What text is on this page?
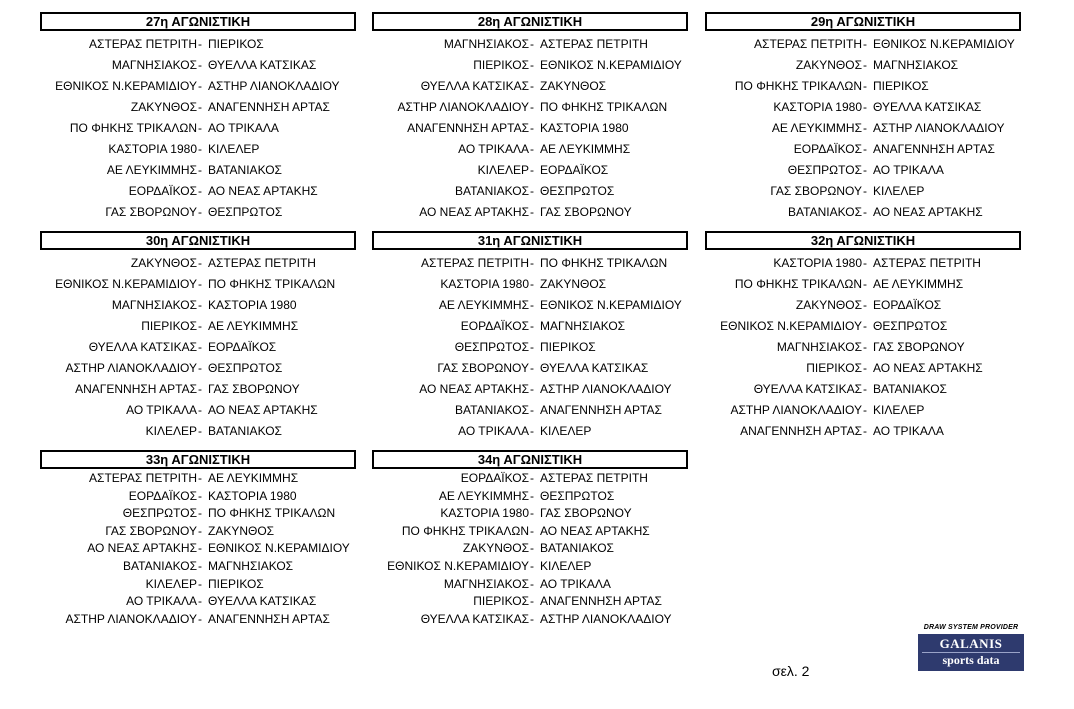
27η ΑΓΩΝΙΣΤΙΚΗ
ΑΣΤΕΡΑΣ ΠΕΤΡΙΤΗ - ΠΙΕΡΙΚΟΣ
ΜΑΓΝΗΣΙΑΚΟΣ - ΘΥΕΛΛΑ ΚΑΤΣΙΚΑΣ
ΕΘΝΙΚΟΣ Ν.ΚΕΡΑΜΙΔΙΟΥ - ΑΣΤΗΡ ΛΙΑΝΟΚΛΑΔΙΟΥ
ΖΑΚΥΝΘΟΣ - ΑΝΑΓΕΝΝΗΣΗ ΑΡΤΑΣ
ΠΟ ΦΗΚΗΣ ΤΡΙΚΑΛΩΝ - ΑΟ ΤΡΙΚΑΛΑ
ΚΑΣΤΟΡΙΑ 1980 - ΚΙΛΕΛΕΡ
ΑΕ ΛΕΥΚΙΜΜΗΣ - ΒΑΤΑΝΙΑΚΟΣ
ΕΟΡΔΑΪΚΟΣ - ΑΟ ΝΕΑΣ ΑΡΤΑΚΗΣ
ΓΑΣ ΣΒΟΡΩΝΟΥ - ΘΕΣΠΡΩΤΟΣ
28η ΑΓΩΝΙΣΤΙΚΗ
ΜΑΓΝΗΣΙΑΚΟΣ - ΑΣΤΕΡΑΣ ΠΕΤΡΙΤΗ
ΠΙΕΡΙΚΟΣ - ΕΘΝΙΚΟΣ Ν.ΚΕΡΑΜΙΔΙΟΥ
ΘΥΕΛΛΑ ΚΑΤΣΙΚΑΣ - ΖΑΚΥΝΘΟΣ
ΑΣΤΗΡ ΛΙΑΝΟΚΛΑΔΙΟΥ - ΠΟ ΦΗΚΗΣ ΤΡΙΚΑΛΩΝ
ΑΝΑΓΕΝΝΗΣΗ ΑΡΤΑΣ - ΚΑΣΤΟΡΙΑ 1980
ΑΟ ΤΡΙΚΑΛΑ - ΑΕ ΛΕΥΚΙΜΜΗΣ
ΚΙΛΕΛΕΡ - ΕΟΡΔΑΪΚΟΣ
ΒΑΤΑΝΙΑΚΟΣ - ΘΕΣΠΡΩΤΟΣ
ΑΟ ΝΕΑΣ ΑΡΤΑΚΗΣ - ΓΑΣ ΣΒΟΡΩΝΟΥ
29η ΑΓΩΝΙΣΤΙΚΗ
ΑΣΤΕΡΑΣ ΠΕΤΡΙΤΗ - ΕΘΝΙΚΟΣ Ν.ΚΕΡΑΜΙΔΙΟΥ
ΖΑΚΥΝΘΟΣ - ΜΑΓΝΗΣΙΑΚΟΣ
ΠΟ ΦΗΚΗΣ ΤΡΙΚΑΛΩΝ - ΠΙΕΡΙΚΟΣ
ΚΑΣΤΟΡΙΑ 1980 - ΘΥΕΛΛΑ ΚΑΤΣΙΚΑΣ
ΑΕ ΛΕΥΚΙΜΜΗΣ - ΑΣΤΗΡ ΛΙΑΝΟΚΛΑΔΙΟΥ
ΕΟΡΔΑΪΚΟΣ - ΑΝΑΓΕΝΝΗΣΗ ΑΡΤΑΣ
ΘΕΣΠΡΩΤΟΣ - ΑΟ ΤΡΙΚΑΛΑ
ΓΑΣ ΣΒΟΡΩΝΟΥ - ΚΙΛΕΛΕΡ
ΒΑΤΑΝΙΑΚΟΣ - ΑΟ ΝΕΑΣ ΑΡΤΑΚΗΣ
30η ΑΓΩΝΙΣΤΙΚΗ
ΖΑΚΥΝΘΟΣ - ΑΣΤΕΡΑΣ ΠΕΤΡΙΤΗ
ΕΘΝΙΚΟΣ Ν.ΚΕΡΑΜΙΔΙΟΥ - ΠΟ ΦΗΚΗΣ ΤΡΙΚΑΛΩΝ
ΜΑΓΝΗΣΙΑΚΟΣ - ΚΑΣΤΟΡΙΑ 1980
ΠΙΕΡΙΚΟΣ - ΑΕ ΛΕΥΚΙΜΜΗΣ
ΘΥΕΛΛΑ ΚΑΤΣΙΚΑΣ - ΕΟΡΔΑΪΚΟΣ
ΑΣΤΗΡ ΛΙΑΝΟΚΛΑΔΙΟΥ - ΘΕΣΠΡΩΤΟΣ
ΑΝΑΓΕΝΝΗΣΗ ΑΡΤΑΣ - ΓΑΣ ΣΒΟΡΩΝΟΥ
ΑΟ ΤΡΙΚΑΛΑ - ΑΟ ΝΕΑΣ ΑΡΤΑΚΗΣ
ΚΙΛΕΛΕΡ - ΒΑΤΑΝΙΑΚΟΣ
31η ΑΓΩΝΙΣΤΙΚΗ
ΑΣΤΕΡΑΣ ΠΕΤΡΙΤΗ - ΠΟ ΦΗΚΗΣ ΤΡΙΚΑΛΩΝ
ΚΑΣΤΟΡΙΑ 1980 - ΖΑΚΥΝΘΟΣ
ΑΕ ΛΕΥΚΙΜΜΗΣ - ΕΘΝΙΚΟΣ Ν.ΚΕΡΑΜΙΔΙΟΥ
ΕΟΡΔΑΪΚΟΣ - ΜΑΓΝΗΣΙΑΚΟΣ
ΘΕΣΠΡΩΤΟΣ - ΠΙΕΡΙΚΟΣ
ΓΑΣ ΣΒΟΡΩΝΟΥ - ΘΥΕΛΛΑ ΚΑΤΣΙΚΑΣ
ΑΟ ΝΕΑΣ ΑΡΤΑΚΗΣ - ΑΣΤΗΡ ΛΙΑΝΟΚΛΑΔΙΟΥ
ΒΑΤΑΝΙΑΚΟΣ - ΑΝΑΓΕΝΝΗΣΗ ΑΡΤΑΣ
ΑΟ ΤΡΙΚΑΛΑ - ΚΙΛΕΛΕΡ
32η ΑΓΩΝΙΣΤΙΚΗ
ΚΑΣΤΟΡΙΑ 1980 - ΑΣΤΕΡΑΣ ΠΕΤΡΙΤΗ
ΠΟ ΦΗΚΗΣ ΤΡΙΚΑΛΩΝ - ΑΕ ΛΕΥΚΙΜΜΗΣ
ΖΑΚΥΝΘΟΣ - ΕΟΡΔΑΪΚΟΣ
ΕΘΝΙΚΟΣ Ν.ΚΕΡΑΜΙΔΙΟΥ - ΘΕΣΠΡΩΤΟΣ
ΜΑΓΝΗΣΙΑΚΟΣ - ΓΑΣ ΣΒΟΡΩΝΟΥ
ΠΙΕΡΙΚΟΣ - ΑΟ ΝΕΑΣ ΑΡΤΑΚΗΣ
ΘΥΕΛΛΑ ΚΑΤΣΙΚΑΣ - ΒΑΤΑΝΙΑΚΟΣ
ΑΣΤΗΡ ΛΙΑΝΟΚΛΑΔΙΟΥ - ΚΙΛΕΛΕΡ
ΑΝΑΓΕΝΝΗΣΗ ΑΡΤΑΣ - ΑΟ ΤΡΙΚΑΛΑ
33η ΑΓΩΝΙΣΤΙΚΗ
ΑΣΤΕΡΑΣ ΠΕΤΡΙΤΗ - ΑΕ ΛΕΥΚΙΜΜΗΣ
ΕΟΡΔΑΪΚΟΣ - ΚΑΣΤΟΡΙΑ 1980
ΘΕΣΠΡΩΤΟΣ - ΠΟ ΦΗΚΗΣ ΤΡΙΚΑΛΩΝ
ΓΑΣ ΣΒΟΡΩΝΟΥ - ΖΑΚΥΝΘΟΣ
ΑΟ ΝΕΑΣ ΑΡΤΑΚΗΣ - ΕΘΝΙΚΟΣ Ν.ΚΕΡΑΜΙΔΙΟΥ
ΒΑΤΑΝΙΑΚΟΣ - ΜΑΓΝΗΣΙΑΚΟΣ
ΚΙΛΕΛΕΡ - ΠΙΕΡΙΚΟΣ
ΑΟ ΤΡΙΚΑΛΑ - ΘΥΕΛΛΑ ΚΑΤΣΙΚΑΣ
ΑΣΤΗΡ ΛΙΑΝΟΚΛΑΔΙΟΥ - ΑΝΑΓΕΝΝΗΣΗ ΑΡΤΑΣ
34η ΑΓΩΝΙΣΤΙΚΗ
ΕΟΡΔΑΪΚΟΣ - ΑΣΤΕΡΑΣ ΠΕΤΡΙΤΗ
ΑΕ ΛΕΥΚΙΜΜΗΣ - ΘΕΣΠΡΩΤΟΣ
ΚΑΣΤΟΡΙΑ 1980 - ΓΑΣ ΣΒΟΡΩΝΟΥ
ΠΟ ΦΗΚΗΣ ΤΡΙΚΑΛΩΝ - ΑΟ ΝΕΑΣ ΑΡΤΑΚΗΣ
ΖΑΚΥΝΘΟΣ - ΒΑΤΑΝΙΑΚΟΣ
ΕΘΝΙΚΟΣ Ν.ΚΕΡΑΜΙΔΙΟΥ - ΚΙΛΕΛΕΡ
ΜΑΓΝΗΣΙΑΚΟΣ - ΑΟ ΤΡΙΚΑΛΑ
ΠΙΕΡΙΚΟΣ - ΑΝΑΓΕΝΝΗΣΗ ΑΡΤΑΣ
ΘΥΕΛΛΑ ΚΑΤΣΙΚΑΣ - ΑΣΤΗΡ ΛΙΑΝΟΚΛΑΔΙΟΥ
DRAW SYSTEM PROVIDER
GALANIS
sports data
σελ. 2
